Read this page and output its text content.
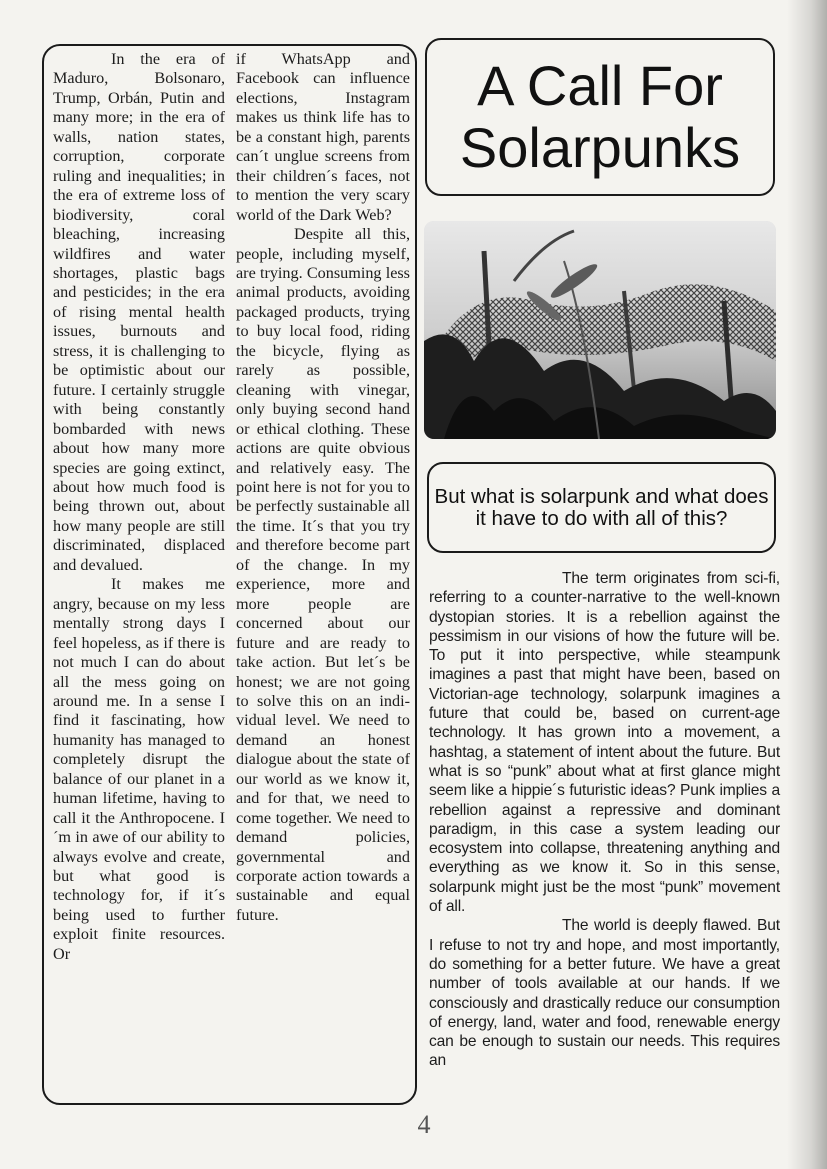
In the era of Maduro, Bolsonaro, Trump, Orbán, Putin and many more; in the era of walls, nation states, corruption, corporate ruling and inequalities; in the era of extreme loss of biodiversity, coral bleaching, increasing wildfires and water shortages, plastic bags and pesticides; in the era of rising mental health issues, burnouts and stress, it is challenging to be optimistic about our future. I certainly struggle with being constantly bombarded with news about how many more species are going extinct, about how much food is being thrown out, about how many people are still discriminated, displaced and devalued.

It makes me angry, because on my less mentally strong days I feel hopeless, as if there is not much I can do about all the mess going on around me. In a sense I find it fascinating, how humanity has managed to completely disrupt the balance of our planet in a human lifetime, having to call it the Anthropocene. I´m in awe of our ability to always evolve and create, but what good is technology for, if it´s being used to further exploit finite resources. Or

if WhatsApp and Facebook can influence elections, Instagram makes us think life has to be a constant high, parents can´t unglue screens from their children´s faces, not to mention the very scary world of the Dark Web?

Despite all this, people, including myself, are trying. Consuming less animal products, avoiding packaged products, trying to buy local food, riding the bicycle, flying as rarely as possible, cleaning with vinegar, only buying second hand or ethical clothing. These actions are quite obvious and relatively easy. The point here is not for you to be perfectly sustainable all the time. It´s that you try and therefore become part of the change. In my experience, more and more people are concerned about our future and are ready to take action. But let´s be honest; we are not going to solve this on an individual level. We need to demand an honest dialogue about the state of our world as we know it, and for that, we need to come together. We need to demand policies, governmental and corporate action towards a sustainable and equal future.

A Call For Solarpunks
But what is solarpunk and what does it have to do with all of this?

The term originates from sci-fi, referring to a counter-narrative to the well-known dystopian stories. It is a rebellion against the pessimism in our visions of how the future will be. To put it into perspective, while steampunk imagines a past that might have been, based on Victorian-age technology, solarpunk imagines a future that could be, based on current-age technology. It has grown into a movement, a hashtag, a statement of intent about the future. But what is so “punk” about what at first glance might seem like a hippie´s futuristic ideas? Punk implies a rebellion against a repressive and dominant paradigm, in this case a system leading our ecosystem into collapse, threatening anything and everything as we know it. So in this sense, solarpunk might just be the most “punk” movement of all.

The world is deeply flawed. But I refuse to not try and hope, and most importantly, do something for a better future. We have a great number of tools available at our hands. If we consciously and drastically reduce our consumption of energy, land, water and food, renewable energy can be enough to sustain our needs. This requires an

4
